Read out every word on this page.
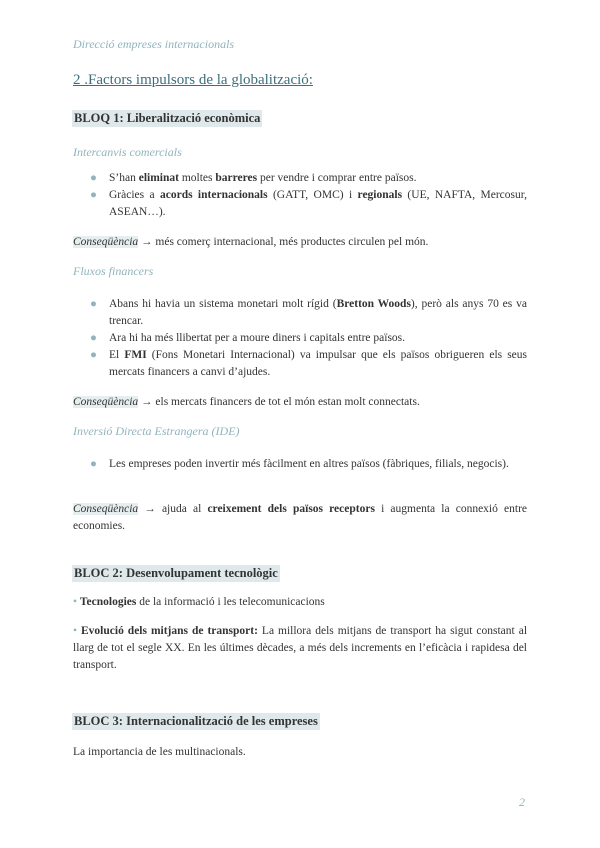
Direcció empreses internacionals
2 .Factors impulsors de la globalització:
BLOQ 1: Liberalització econòmica
Intercanvis comercials
● S’han eliminat moltes barreres per vendre i comprar entre països.
● Gràcies a acords internacionals (GATT, OMC) i regionals (UE, NAFTA, Mercosur, ASEAN…).
Conseqüència → més comerç internacional, més productes circulen pel món.
Fluxos financers
● Abans hi havia un sistema monetari molt rígid (Bretton Woods), però als anys 70 es va trencar.
● Ara hi ha més llibertat per a moure diners i capitals entre països.
● El FMI (Fons Monetari Internacional) va impulsar que els països obrigueren els seus mercats financers a canvi d’ajudes.
Conseqüència → els mercats financers de tot el món estan molt connectats.
Inversió Directa Estrangera (IDE)
● Les empreses poden invertir més fàcilment en altres països (fàbriques, filials, negocis).
Conseqüència → ajuda al creixement dels països receptors i augmenta la connexió entre economies.
BLOC 2: Desenvolupament tecnològic
• Tecnologies de la informació i les telecomunicacions
• Evolució dels mitjans de transport: La millora dels mitjans de transport ha sigut constant al llarg de tot el segle XX. En les últimes dècades, a més dels increments en l’eficàcia i rapidesa del transport.
BLOC 3: Internacionalització de les empreses
La importancia de les multinacionals.
2
